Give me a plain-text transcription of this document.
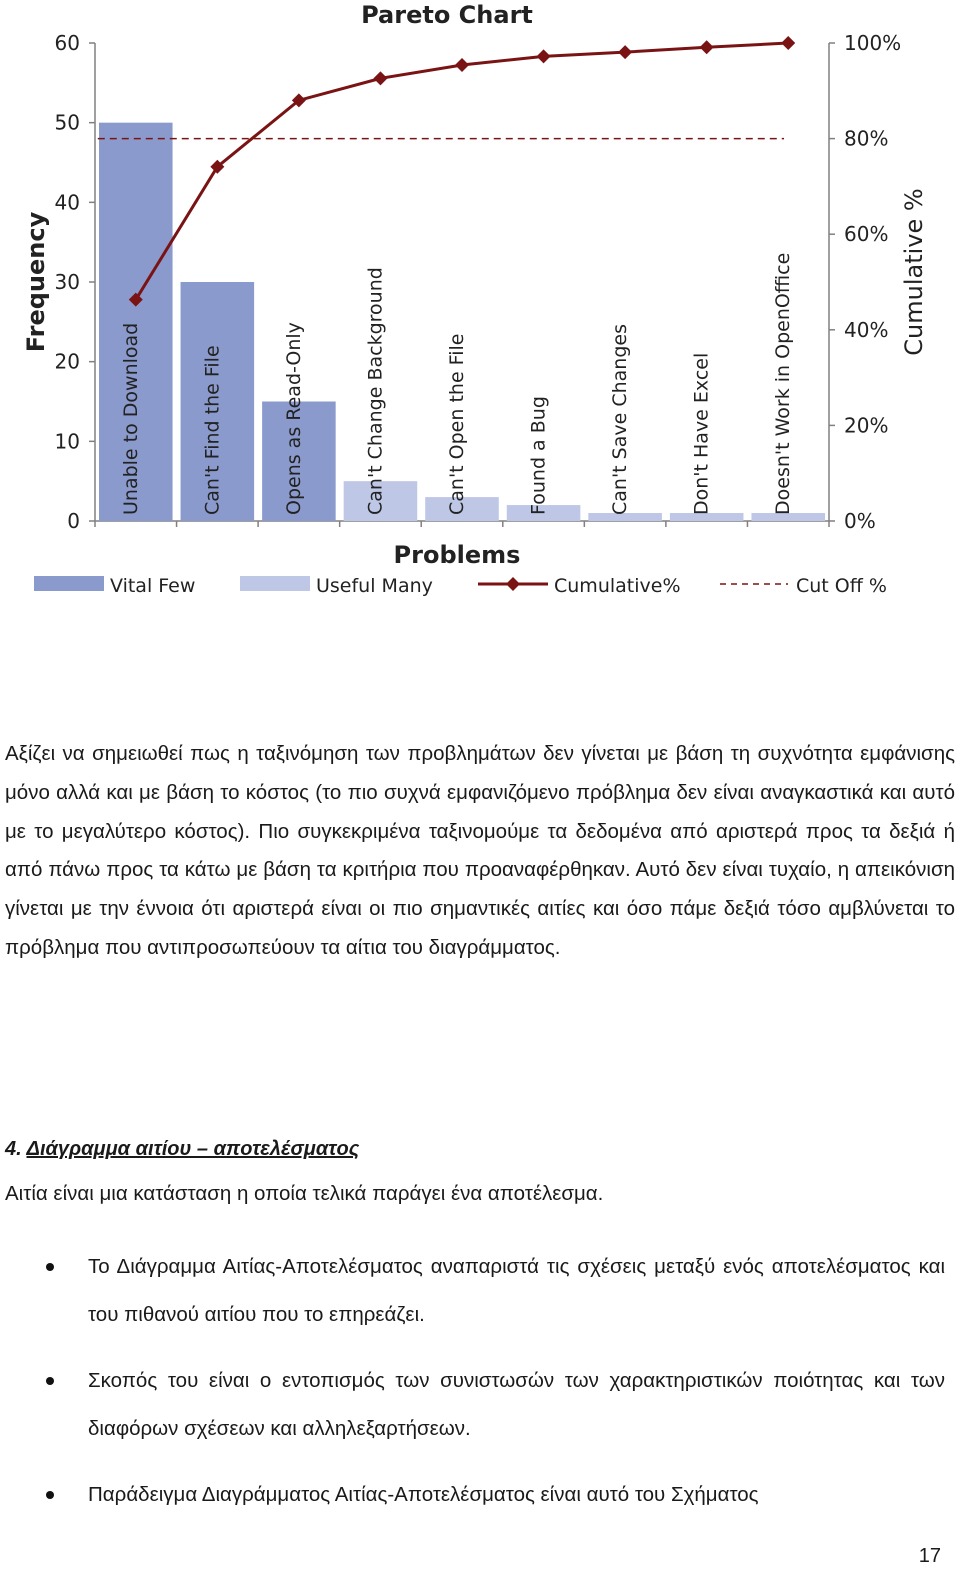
Pareto Chart
Frequency	Cumulative %
Problems
0
10
20
30
40
50
60
0%
20%
40%
60%
80%
100%
Unable to Download	Can't Find the File	Opens as Read-Only	Can't Change Background	Can't Open the File	Found a Bug	Can't Save Changes	Don't Have Excel	Doesn't Work in OpenOffice
Vital Few	Useful Many	Cumulative%	Cut Off %

Αξίζει να σημειωθεί πως η ταξινόμηση των προβλημάτων δεν γίνεται με βάση τη συχνότητα εμφάνισης μόνο αλλά και με βάση το κόστος (το πιο συχνά εμφανιζόμενο πρόβλημα δεν είναι αναγκαστικά και αυτό με το μεγαλύτερο κόστος). Πιο συγκεκριμένα ταξινομούμε τα δεδομένα από αριστερά προς τα δεξιά ή από πάνω προς τα κάτω με βάση τα κριτήρια που προαναφέρθηκαν. Αυτό δεν είναι τυχαίο, η απεικόνιση γίνεται με την έννοια ότι αριστερά είναι οι πιο σημαντικές αιτίες και όσο πάμε δεξιά τόσο αμβλύνεται το πρόβλημα που αντιπροσωπεύουν τα αίτια του διαγράμματος.

4. Διάγραμμα αιτίου – αποτελέσματος

Αιτία είναι μια κατάσταση η οποία τελικά παράγει ένα αποτέλεσμα.

Το Διάγραμμα Αιτίας-Αποτελέσματος αναπαριστά τις σχέσεις μεταξύ ενός αποτελέσματος και του πιθανού αιτίου που το επηρεάζει.
Σκοπός του είναι ο εντοπισμός των συνιστωσών των χαρακτηριστικών ποιότητας και των διαφόρων σχέσεων και αλληλεξαρτήσεων.
Παράδειγμα Διαγράμματος Αιτίας-Αποτελέσματος είναι αυτό του Σχήματος
17
